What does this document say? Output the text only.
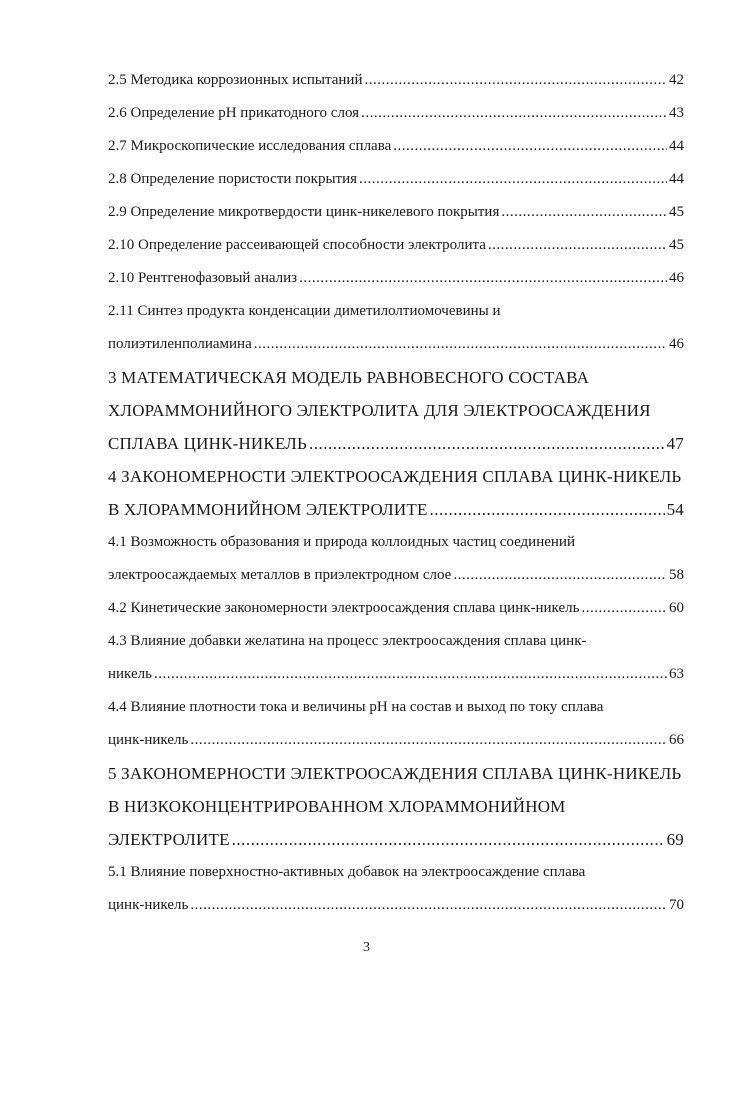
2.5 Методика коррозионных испытаний .....	42
2.6 Определение pH прикатодного слоя .....	43
2.7 Микроскопические исследования сплава .....	44
2.8 Определение пористости покрытия .....	44
2.9 Определение микротвердости цинк-никелевого покрытия .....	45
2.10 Определение рассеивающей способности электролита .....	45
2.10 Рентгенофазовый анализ .....	46
2.11 Синтез продукта конденсации диметилолтиомочевины и
полиэтиленполиамина .....	46
3 МАТЕМАТИЧЕСКАЯ МОДЕЛЬ РАВНОВЕСНОГО СОСТАВА
ХЛОРАММОНИЙНОГО ЭЛЕКТРОЛИТА ДЛЯ ЭЛЕКТРООСАЖДЕНИЯ
СПЛАВА ЦИНК-НИКЕЛЬ .....	47
4 ЗАКОНОМЕРНОСТИ ЭЛЕКТРООСАЖДЕНИЯ СПЛАВА ЦИНК-НИКЕЛЬ
В ХЛОРАММОНИЙНОМ ЭЛЕКТРОЛИТЕ .....	54
4.1 Возможность образования и природа коллоидных частиц соединений
электроосаждаемых металлов в приэлектродном слое .....	58
4.2 Кинетические закономерности электроосаждения сплава цинк-никель .....	60
4.3 Влияние добавки желатина на процесс электроосаждения сплава цинк-
никель .....	63
4.4 Влияние плотности тока и величины pH на состав и выход по току сплава
цинк-никель .....	66
5 ЗАКОНОМЕРНОСТИ ЭЛЕКТРООСАЖДЕНИЯ СПЛАВА ЦИНК-НИКЕЛЬ
В НИЗКОКОНЦЕНТРИРОВАННОМ ХЛОРАММОНИЙНОМ
ЭЛЕКТРОЛИТЕ .....	69
5.1 Влияние поверхностно-активных добавок на электроосаждение сплава
цинк-никель .....	70
3
